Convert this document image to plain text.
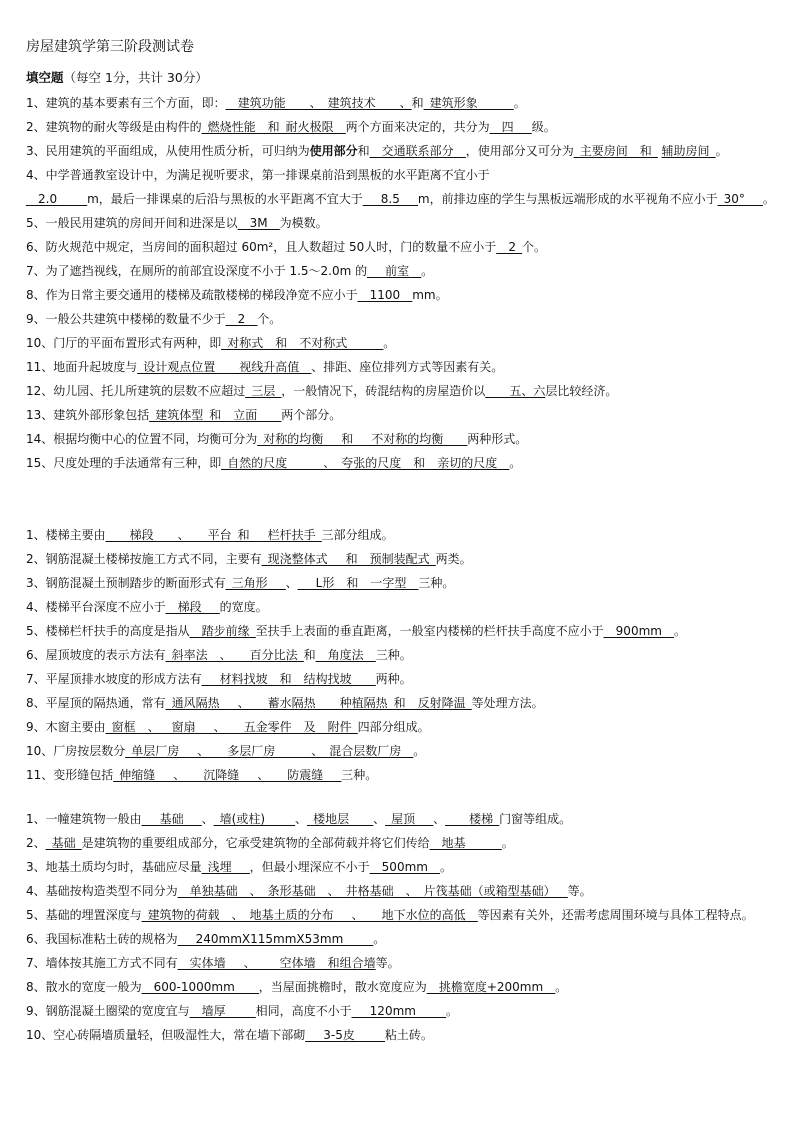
房屋建筑学第三阶段测试卷
填空题（每空 1分，共计 30分）
1、建筑的基本要素有三个方面，即：__建筑功能____、_建筑技术____、和_建筑形象______。
2、建筑物的耐火等级是由构件的_燃烧性能__和_耐火极限__两个方面来决定的，共分为__四___级。
3、民用建筑的平面组成，从使用性质分析，可归纳为使用部分和__交通联系部分__，使用部分又可分为_主要房间__和_ 辅助房间_。
4、中学普通教室设计中，为满足视听要求，第一排课桌前沿到黑板的水平距离不宜小于__2.0_____m，最后一排课桌的后沿与黑板的水平距离不宜大于___8.5___m，前排边座的学生与黑板远端形成的水平视角不应小于_30°___。
5、一般民用建筑的房间开间和进深是以__3M__为模数。
6、防火规范中规定，当房间的面积超过 60m²，且人数超过 50人时，门的数量不应小于__2_个。
7、为了遮挡视线，在厕所的前部宜设深度不小于 1.5～2.0m 的___前室__。
8、作为日常主要交通用的楼梯及疏散楼梯的梯段净宽不应小于__1100__mm。
9、一般公共建筑中楼梯的数量不少于__2__个。
10、门厅的平面布置形式有两种，即_对称式__和__不对称式______。
11、地面升起坡度与_设计观点位置____视线升高值__、排距、座位排列方式等因素有关。
12、幼儿园、托儿所建筑的层数不应超过_三层_，一般情况下，砖混结构的房屋造价以____五、六层比较经济。
13、建筑外部形象包括_建筑体型_和__立面____两个部分。
14、根据均衡中心的位置不同，均衡可分为_对称的均衡___和___不对称的均衡____两种形式。
15、尺度处理的手法通常有三种，即_自然的尺度______、_夸张的尺度__和__亲切的尺度__。
1、楼梯主要由____梯段____、___平台_和___栏杆扶手_三部分组成。
2、钢筋混凝土楼梯按施工方式不同，主要有_现浇整体式___和__预制装配式_两类。
3、钢筋混凝土预制踏步的断面形式有_三角形___、___L形__和__一字型__三种。
4、楼梯平台深度不应小于__梯段___的宽度。
5、楼梯栏杆扶手的高度是指从__踏步前缘_至扶手上表面的垂直距离，一般室内楼梯的栏杆扶手高度不应小于__900mm__。
6、屋顶坡度的表示方法有_斜率法__、___百分比法_和__角度法__三种。
7、平屋顶排水坡度的形成方法有___材料找坡__和__结构找坡____两种。
8、平屋顶的隔热通，常有_通风隔热___、___蓄水隔热____种植隔热_和__反射降温_等处理方法。
9、木窗主要由_窗框__、__窗扇___、___五金零件__及__附件_四部分组成。
10、厂房按层数分_单层厂房___、___多层厂房______、_混合层数厂房__。
11、变形缝包括_伸缩缝___、___沉降缝___、___防震缝___三种。
1、一幢建筑物一般由___基础___、_墙(或柱)_____、_楼地层____、_屋顶___、____楼梯_门窗等组成。
2、_基础_是建筑物的重要组成部分，它承受建筑物的全部荷载并将它们传给__地基______。
3、地基土质均匀时，基础应尽量_浅埋___，但最小埋深应不小于__500mm__。
4、基础按构造类型不同分为__单独基础__、_条形基础__、_井格基础__、_片筏基础（或箱型基础）__等。
5、基础的埋置深度与_建筑物的荷载__、_地基土质的分布___、___地下水位的高低__等因素有关外，还需考虑周围环境与具体工程特点。
6、我国标准粘土砖的规格为___240mmX115mmX53mm_____。
7、墙体按其施工方式不同有__实体墙___、____空体墙__和组合墙等。
8、散水的宽度一般为__600-1000mm____，当屋面挑檐时，散水宽度应为__挑檐宽度+200mm__。
9、钢筋混凝土圈梁的宽度宜与__墙厚_____相同，高度不小于___120mm_____。
10、空心砖隔墙质量轻，但吸湿性大，常在墙下部砌___3-5皮_____粘土砖。
